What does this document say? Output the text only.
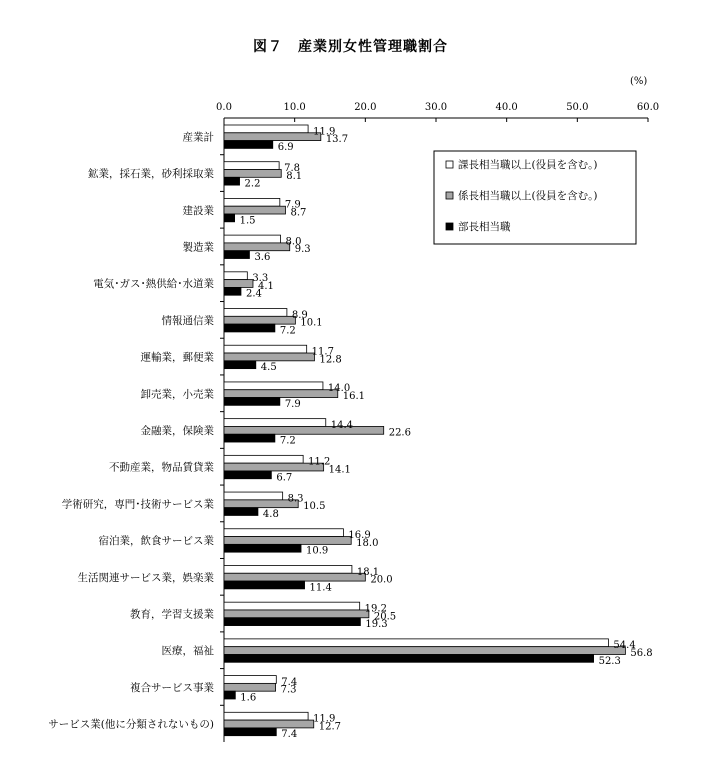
図７　産業別女性管理職割合
(%)
0.0	10.0	20.0	30.0	40.0	50.0	60.0
産業計
鉱業，採石業，砂利採取業
建設業
製造業
電気･ガス･熱供給･水道業
情報通信業
運輸業，郵便業
卸売業，小売業
金融業，保険業
不動産業，物品賃貸業
学術研究，専門･技術サービス業
宿泊業，飲食サービス業
生活関連サービス業，娯楽業
教育，学習支援業
医療，福祉
複合サービス事業
サービス業(他に分類されないもの)
11.9
13.7
6.9
7.8
8.1
2.2
7.9
8.7
1.5
8.0
9.3
3.6
3.3
4.1
2.4
8.9
10.1
7.2
11.7
12.8
4.5
14.0
16.1
7.9
14.4
22.6
7.2
11.2
14.1
6.7
8.3
10.5
4.8
16.9
18.0
10.9
18.1
20.0
11.4
19.2
20.5
19.3
54.4
56.8
52.3
7.4
7.3
1.6
11.9
12.7
7.4
課長相当職以上(役員を含む。)
係長相当職以上(役員を含む。)
部長相当職
